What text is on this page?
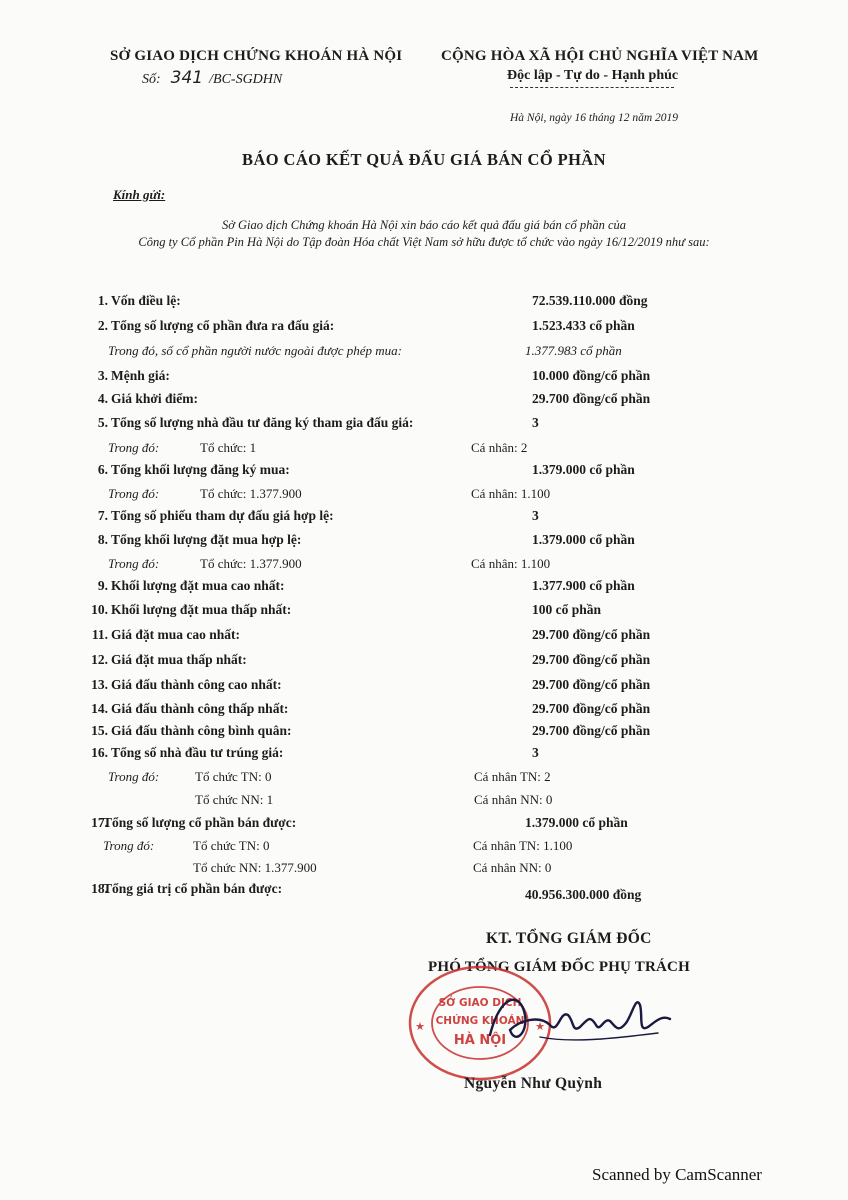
SỞ GIAO DỊCH CHỨNG KHOÁN HÀ NỘI
Số: 341 /BC-SGDHN
CỘNG HÒA XÃ HỘI CHỦ NGHĨA VIỆT NAM
Độc lập - Tự do - Hạnh phúc
Hà Nội, ngày 16 tháng 12 năm 2019
BÁO CÁO KẾT QUẢ ĐẤU GIÁ BÁN CỔ PHẦN
Kính gửi:
Sở Giao dịch Chứng khoán Hà Nội xin báo cáo kết quả đấu giá bán cổ phần của
Công ty Cổ phần Pin Hà Nội do Tập đoàn Hóa chất Việt Nam sở hữu được tổ chức vào ngày 16/12/2019 như sau:
1. Vốn điều lệ:	72.539.110.000 đồng
2. Tổng số lượng cổ phần đưa ra đấu giá:	1.523.433 cổ phần
Trong đó, số cổ phần người nước ngoài được phép mua:	1.377.983 cổ phần
3. Mệnh giá:	10.000 đồng/cổ phần
4. Giá khởi điểm:	29.700 đồng/cổ phần
5. Tổng số lượng nhà đầu tư đăng ký tham gia đấu giá:	3
Trong đó:	Tổ chức: 1	Cá nhân: 2
6. Tổng khối lượng đăng ký mua:	1.379.000 cổ phần
Trong đó:	Tổ chức: 1.377.900	Cá nhân: 1.100
7. Tổng số phiếu tham dự đấu giá hợp lệ:	3
8. Tổng khối lượng đặt mua hợp lệ:	1.379.000 cổ phần
Trong đó:	Tổ chức: 1.377.900	Cá nhân: 1.100
9. Khối lượng đặt mua cao nhất:	1.377.900 cổ phần
10. Khối lượng đặt mua thấp nhất:	100 cổ phần
11. Giá đặt mua cao nhất:	29.700 đồng/cổ phần
12. Giá đặt mua thấp nhất:	29.700 đồng/cổ phần
13. Giá đấu thành công cao nhất:	29.700 đồng/cổ phần
14. Giá đấu thành công thấp nhất:	29.700 đồng/cổ phần
15. Giá đấu thành công bình quân:	29.700 đồng/cổ phần
16. Tổng số nhà đầu tư trúng giá:	3
Trong đó:	Tổ chức TN: 0	Cá nhân TN: 2
Tổ chức NN: 1	Cá nhân NN: 0
17.
Tổng số lượng cổ phần bán được:	1.379.000 cổ phần
Trong đó:	Tổ chức TN: 0	Cá nhân TN: 1.100
Tổ chức NN: 1.377.900	Cá nhân NN: 0
18.
Tổng giá trị cổ phần bán được:	40.956.300.000 đồng
KT. TỔNG GIÁM ĐỐC
PHÓ TỔNG GIÁM ĐỐC PHỤ TRÁCH
SỞ GIAO DỊCH
CHỨNG KHOÁN
HÀ NỘI
★	★
Nguyễn Như Quỳnh
Scanned by CamScanner
